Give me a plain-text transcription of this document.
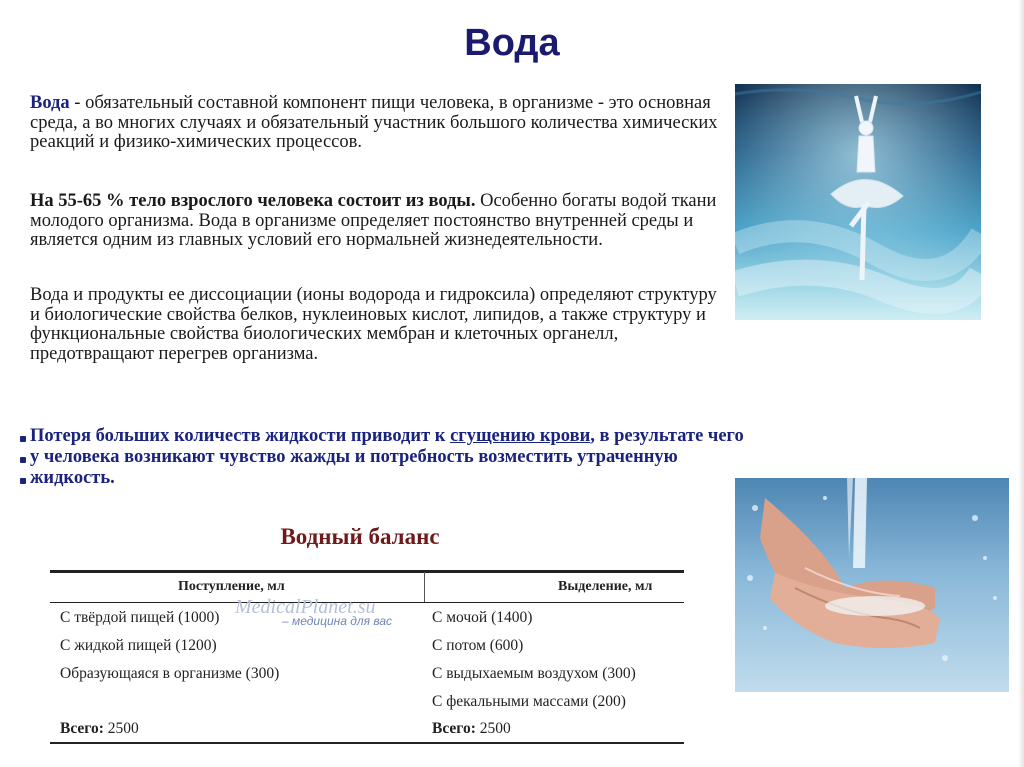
Вода
Вода - обязательный составной компонент пищи человека, в организме - это основная среда, а во многих случаях и обязательный участник большого количества химических реакций и физико-химических процессов.
На 55-65 % тело взрослого человека состоит из воды. Особенно богаты водой ткани молодого организма. Вода в организме определяет постоянство внутренней среды и является одним из главных условий его нормальней жизнедеятельности.
Вода и продукты ее диссоциации (ионы водорода и гидроксила) определяют структуру и биологические свойства белков, нуклеиновых кислот, липидов, а также структуру и функциональные свойства биологических мембран и клеточных органелл, предотвращают перегрев организма.
Потеря больших количеств жидкости приводит к сгущению крови, в результате чего у человека возникают чувство жажды и потребность возместить утраченную жидкость.
Водный баланс
Поступление, мл	Выделение, мл
MedicalPlanet.su
– медицина для вас
С твёрдой пищей (1000)
С жидкой пищей (1200)
Образующаяся в организме (300)
С мочой (1400)
С потом (600)
С выдыхаемым воздухом (300)
С фекальными массами (200)
Всего: 2500	Всего: 2500
